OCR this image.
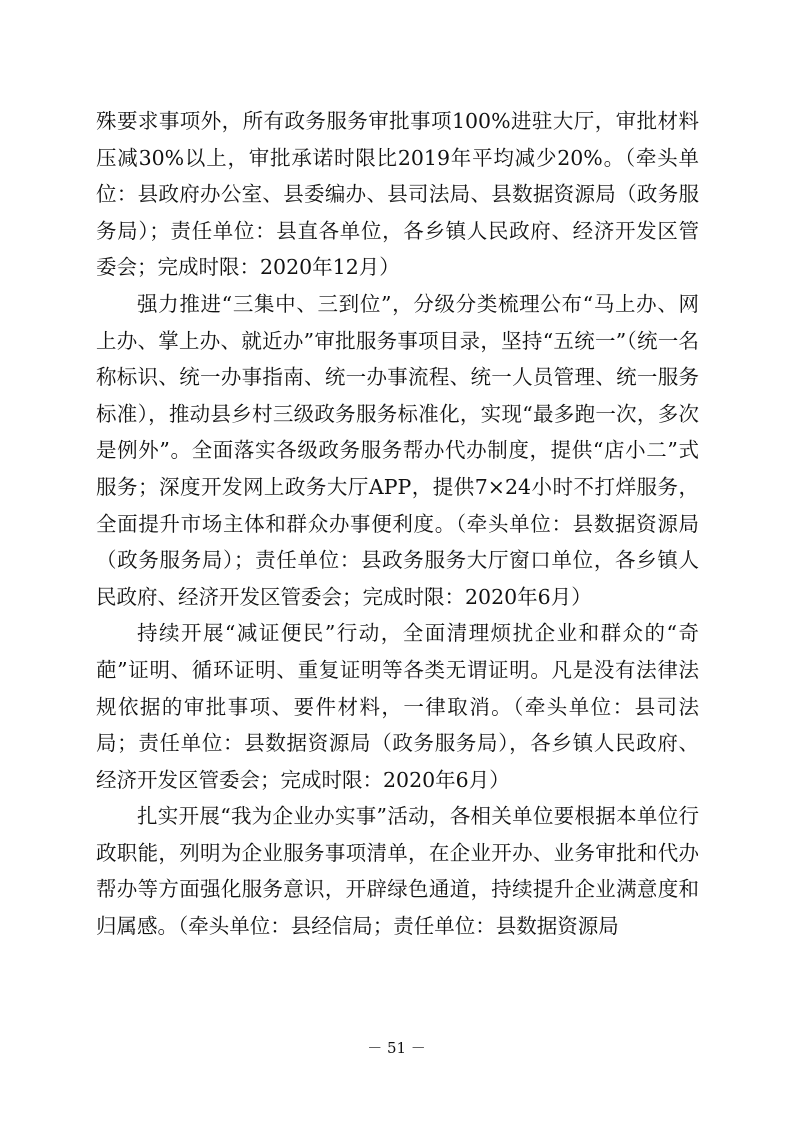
殊要求事项外，所有政务服务审批事项100%进驻大厅，审批材料压减30%以上，审批承诺时限比2019年平均减少20%。（牵头单位：县政府办公室、县委编办、县司法局、县数据资源局（政务服务局）；责任单位：县直各单位，各乡镇人民政府、经济开发区管委会；完成时限：2020年12月）

强力推进“三集中、三到位”，分级分类梳理公布“马上办、网上办、掌上办、就近办”审批服务事项目录，坚持“五统一”（统一名称标识、统一办事指南、统一办事流程、统一人员管理、统一服务标准），推动县乡村三级政务服务标准化，实现“最多跑一次，多次是例外”。全面落实各级政务服务帮办代办制度，提供“店小二”式服务；深度开发网上政务大厅APP，提供7×24小时不打烊服务，全面提升市场主体和群众办事便利度。（牵头单位：县数据资源局（政务服务局）；责任单位：县政务服务大厅窗口单位，各乡镇人民政府、经济开发区管委会；完成时限：2020年6月）

持续开展“减证便民”行动，全面清理烦扰企业和群众的“奇葩”证明、循环证明、重复证明等各类无谓证明。凡是没有法律法规依据的审批事项、要件材料，一律取消。（牵头单位：县司法局；责任单位：县数据资源局（政务服务局），各乡镇人民政府、经济开发区管委会；完成时限：2020年6月）

扎实开展“我为企业办实事”活动，各相关单位要根据本单位行政职能，列明为企业服务事项清单，在企业开办、业务审批和代办帮办等方面强化服务意识，开辟绿色通道，持续提升企业满意度和归属感。（牵头单位：县经信局；责任单位：县数据资源局

－ 51 －
